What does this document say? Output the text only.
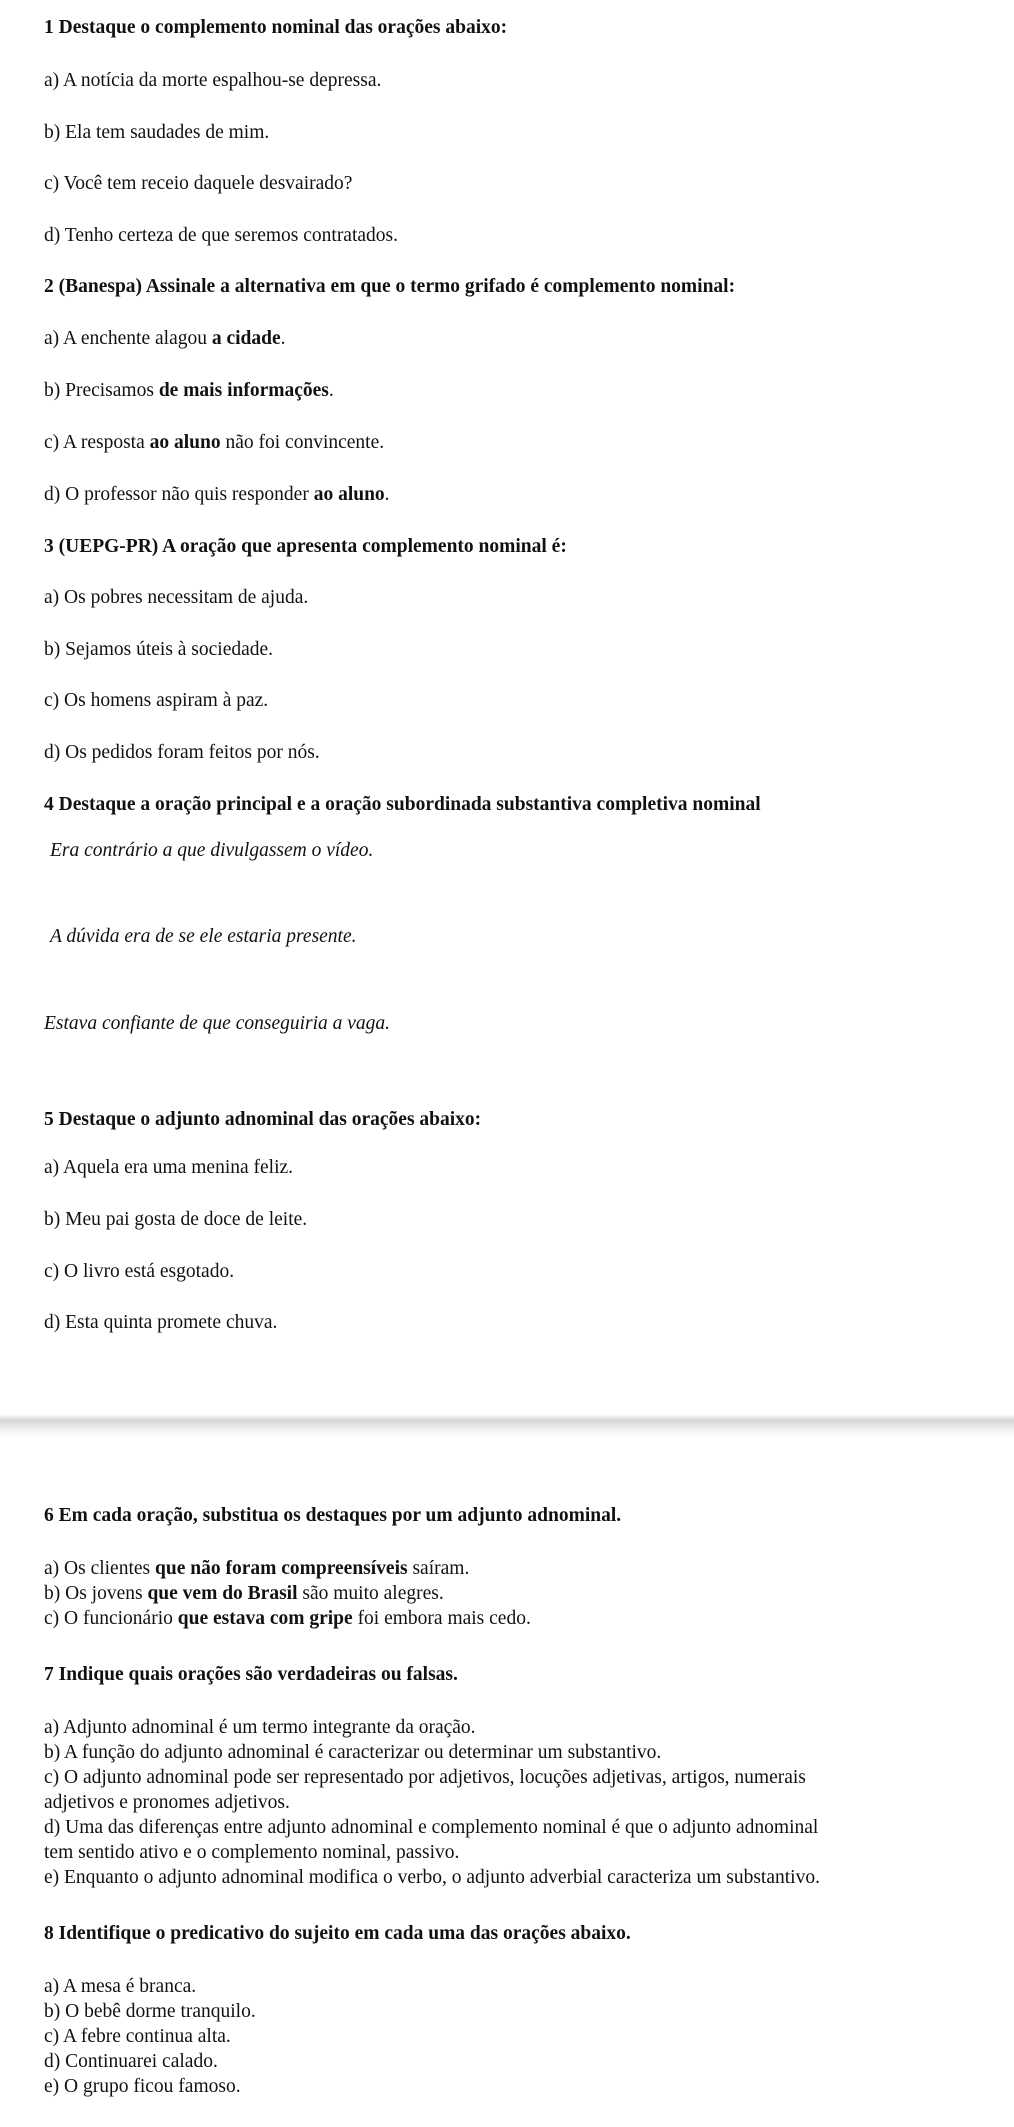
1 Destaque o complemento nominal das orações abaixo:
a) A notícia da morte espalhou-se depressa.
b) Ela tem saudades de mim.
c) Você tem receio daquele desvairado?
d) Tenho certeza de que seremos contratados.
2 (Banespa) Assinale a alternativa em que o termo grifado é complemento nominal:
a) A enchente alagou a cidade.
b) Precisamos de mais informações.
c) A resposta ao aluno não foi convincente.
d) O professor não quis responder ao aluno.
3 (UEPG-PR) A oração que apresenta complemento nominal é:
a) Os pobres necessitam de ajuda.
b) Sejamos úteis à sociedade.
c) Os homens aspiram à paz.
d) Os pedidos foram feitos por nós.
4 Destaque a oração principal e a oração subordinada substantiva completiva nominal
Era contrário a que divulgassem o vídeo.
A dúvida era de se ele estaria presente.
Estava confiante de que conseguiria a vaga.
5 Destaque o adjunto adnominal das orações abaixo:
a) Aquela era uma menina feliz.
b) Meu pai gosta de doce de leite.
c) O livro está esgotado.
d) Esta quinta promete chuva.
6 Em cada oração, substitua os destaques por um adjunto adnominal.
a) Os clientes que não foram compreensíveis saíram.
b) Os jovens que vem do Brasil são muito alegres.
c) O funcionário que estava com gripe foi embora mais cedo.
7 Indique quais orações são verdadeiras ou falsas.
a) Adjunto adnominal é um termo integrante da oração.
b) A função do adjunto adnominal é caracterizar ou determinar um substantivo.
c) O adjunto adnominal pode ser representado por adjetivos, locuções adjetivas, artigos, numerais
adjetivos e pronomes adjetivos.
d) Uma das diferenças entre adjunto adnominal e complemento nominal é que o adjunto adnominal
tem sentido ativo e o complemento nominal, passivo.
e) Enquanto o adjunto adnominal modifica o verbo, o adjunto adverbial caracteriza um substantivo.
8 Identifique o predicativo do sujeito em cada uma das orações abaixo.
a) A mesa é branca.
b) O bebê dorme tranquilo.
c) A febre continua alta.
d) Continuarei calado.
e) O grupo ficou famoso.
